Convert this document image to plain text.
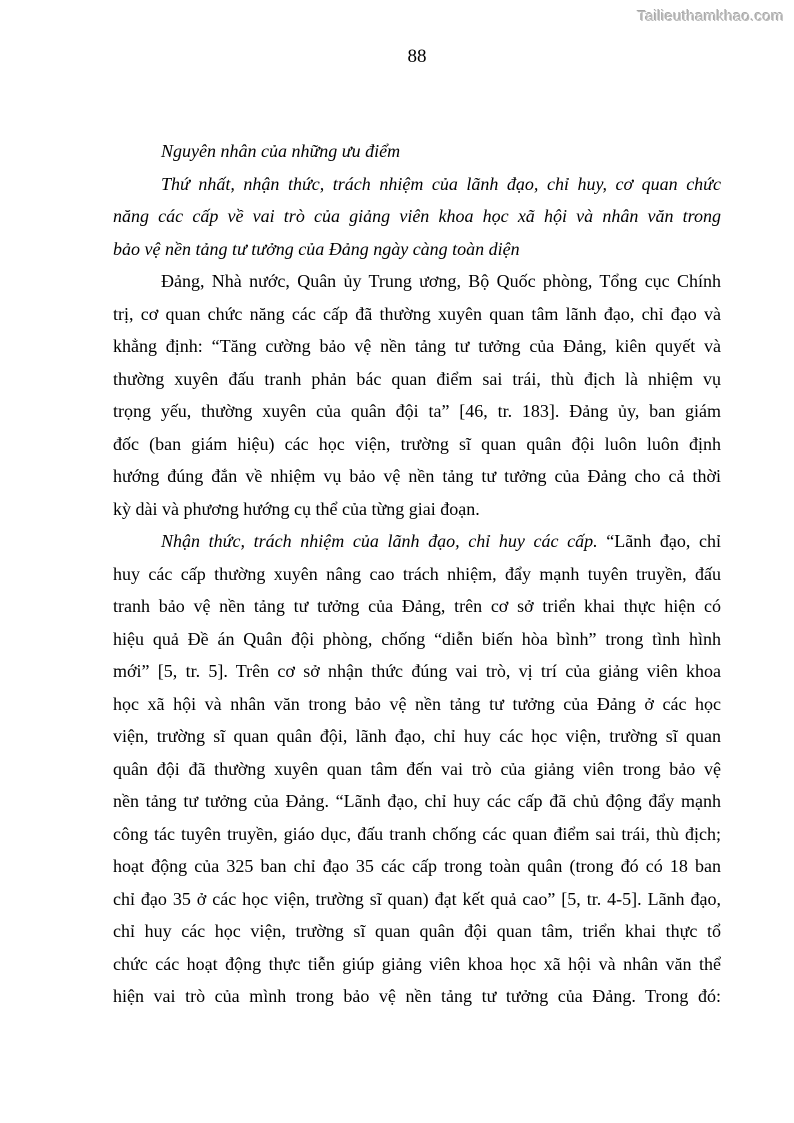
Tailieuthamkhao.com
88
Nguyên nhân của những ưu điểm
Thứ nhất, nhận thức, trách nhiệm của lãnh đạo, chỉ huy, cơ quan chức
năng các cấp về vai trò của giảng viên khoa học xã hội và nhân văn trong
bảo vệ nền tảng tư tưởng của Đảng ngày càng toàn diện
Đảng, Nhà nước, Quân ủy Trung ương, Bộ Quốc phòng, Tổng cục Chính
trị, cơ quan chức năng các cấp đã thường xuyên quan tâm lãnh đạo, chỉ đạo và
khẳng định: “Tăng cường bảo vệ nền tảng tư tưởng của Đảng, kiên quyết và
thường xuyên đấu tranh phản bác quan điểm sai trái, thù địch là nhiệm vụ
trọng yếu, thường xuyên của quân đội ta” [46, tr. 183]. Đảng ủy, ban giám
đốc (ban giám hiệu) các học viện, trường sĩ quan quân đội luôn luôn định
hướng đúng đắn về nhiệm vụ bảo vệ nền tảng tư tưởng của Đảng cho cả thời
kỳ dài và phương hướng cụ thể của từng giai đoạn.
Nhận thức, trách nhiệm của lãnh đạo, chỉ huy các cấp. “Lãnh đạo, chỉ
huy các cấp thường xuyên nâng cao trách nhiệm, đẩy mạnh tuyên truyền, đấu
tranh bảo vệ nền tảng tư tưởng của Đảng, trên cơ sở triển khai thực hiện có
hiệu quả Đề án Quân đội phòng, chống “diễn biến hòa bình” trong tình hình
mới” [5, tr. 5]. Trên cơ sở nhận thức đúng vai trò, vị trí của giảng viên khoa
học xã hội và nhân văn trong bảo vệ nền tảng tư tưởng của Đảng ở các học
viện, trường sĩ quan quân đội, lãnh đạo, chỉ huy các học viện, trường sĩ quan
quân đội đã thường xuyên quan tâm đến vai trò của giảng viên trong bảo vệ
nền tảng tư tưởng của Đảng. “Lãnh đạo, chỉ huy các cấp đã chủ động đẩy mạnh
công tác tuyên truyền, giáo dục, đấu tranh chống các quan điểm sai trái, thù địch;
hoạt động của 325 ban chỉ đạo 35 các cấp trong toàn quân (trong đó có 18 ban
chỉ đạo 35 ở các học viện, trường sĩ quan) đạt kết quả cao” [5, tr. 4-5]. Lãnh đạo,
chỉ huy các học viện, trường sĩ quan quân đội quan tâm, triển khai thực tổ
chức các hoạt động thực tiễn giúp giảng viên khoa học xã hội và nhân văn thể
hiện vai trò của mình trong bảo vệ nền tảng tư tưởng của Đảng. Trong đó:
